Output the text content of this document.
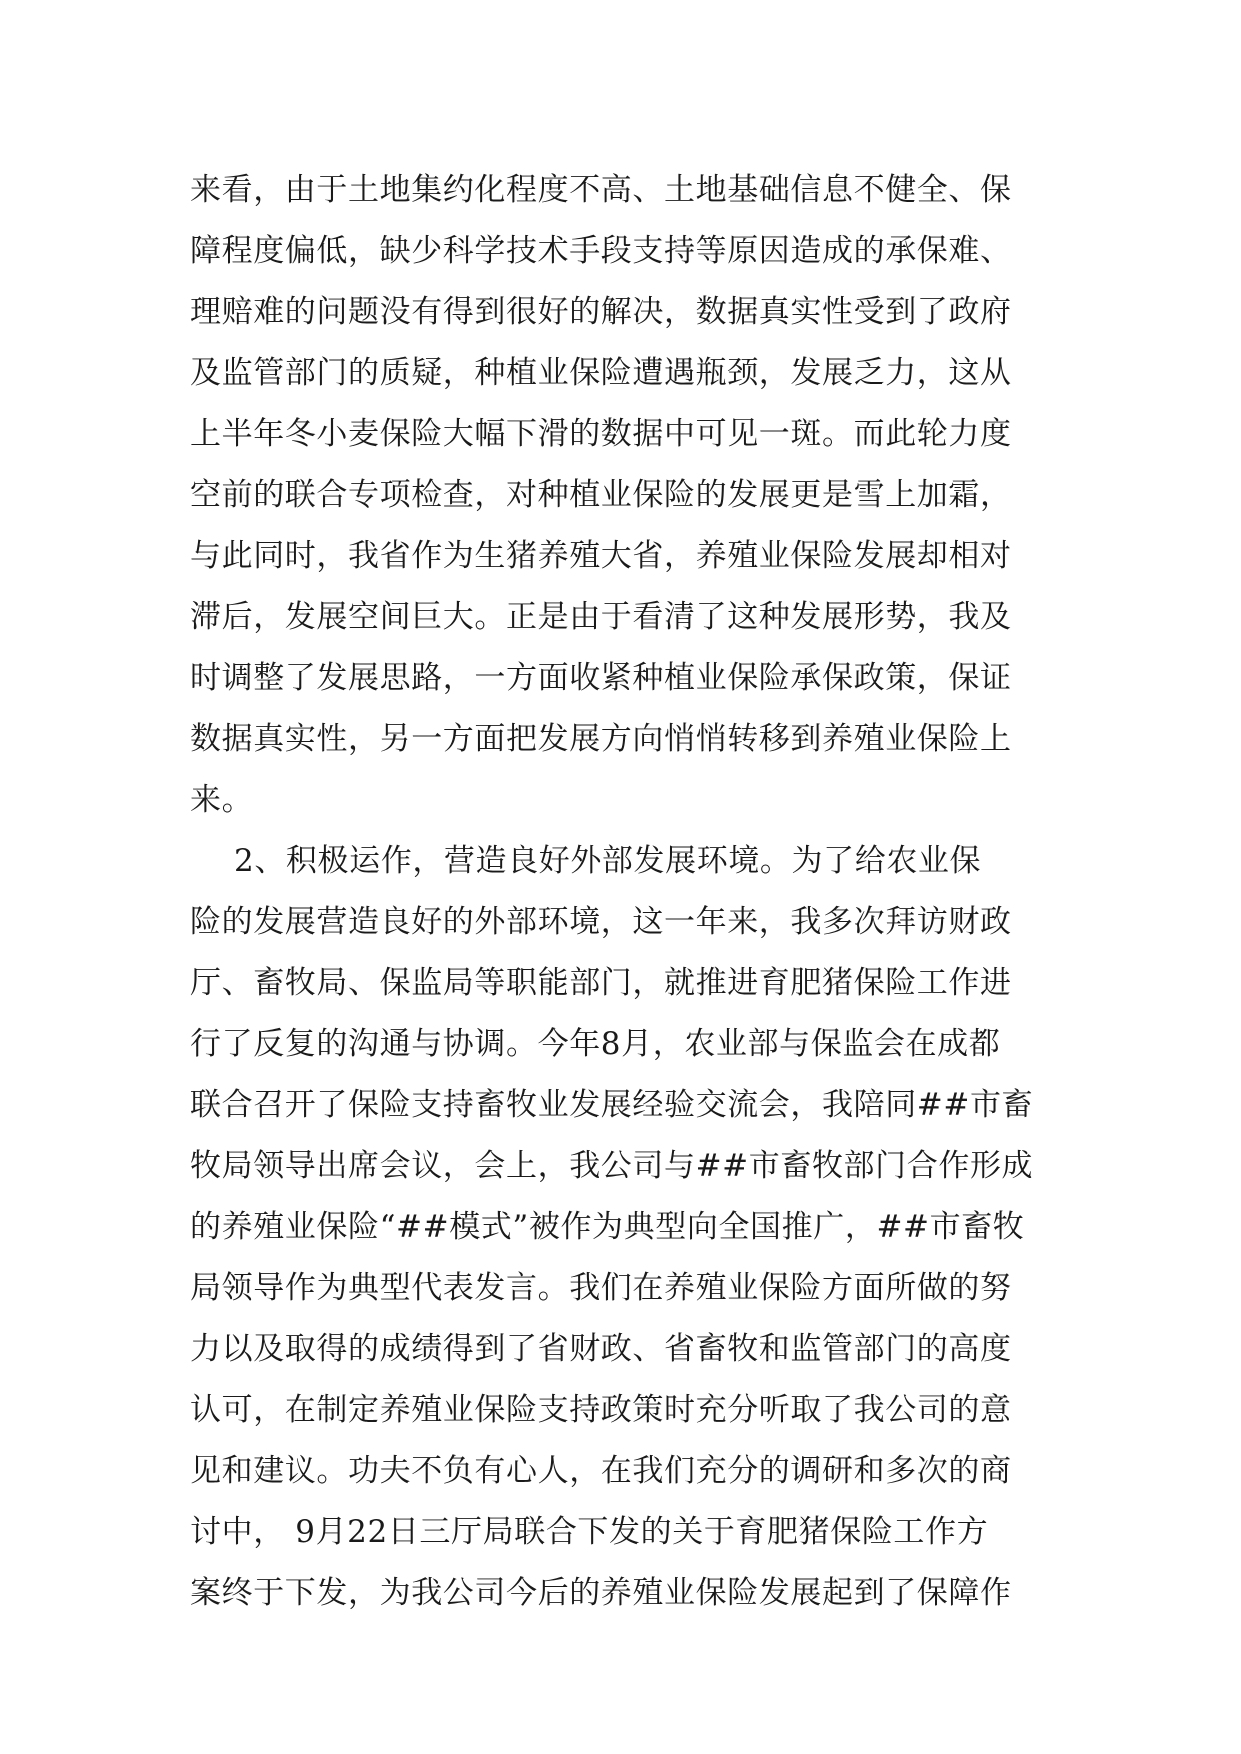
来看，由于土地集约化程度不高、土地基础信息不健全、保
障程度偏低，缺少科学技术手段支持等原因造成的承保难、
理赔难的问题没有得到很好的解决，数据真实性受到了政府
及监管部门的质疑，种植业保险遭遇瓶颈，发展乏力，这从
上半年冬小麦保险大幅下滑的数据中可见一斑。而此轮力度
空前的联合专项检查，对种植业保险的发展更是雪上加霜，
与此同时，我省作为生猪养殖大省，养殖业保险发展却相对
滞后，发展空间巨大。正是由于看清了这种发展形势，我及
时调整了发展思路，一方面收紧种植业保险承保政策，保证
数据真实性，另一方面把发展方向悄悄转移到养殖业保险上
来。
2、积极运作，营造良好外部发展环境。为了给农业保
险的发展营造良好的外部环境，这一年来，我多次拜访财政
厅、畜牧局、保监局等职能部门，就推进育肥猪保险工作进
行了反复的沟通与协调。今年8月，农业部与保监会在成都
联合召开了保险支持畜牧业发展经验交流会，我陪同##市畜
牧局领导出席会议，会上，我公司与##市畜牧部门合作形成
的养殖业保险“##模式”被作为典型向全国推广，##市畜牧
局领导作为典型代表发言。我们在养殖业保险方面所做的努
力以及取得的成绩得到了省财政、省畜牧和监管部门的高度
认可，在制定养殖业保险支持政策时充分听取了我公司的意
见和建议。功夫不负有心人，在我们充分的调研和多次的商
讨中， 9月22日三厅局联合下发的关于育肥猪保险工作方
案终于下发，为我公司今后的养殖业保险发展起到了保障作
